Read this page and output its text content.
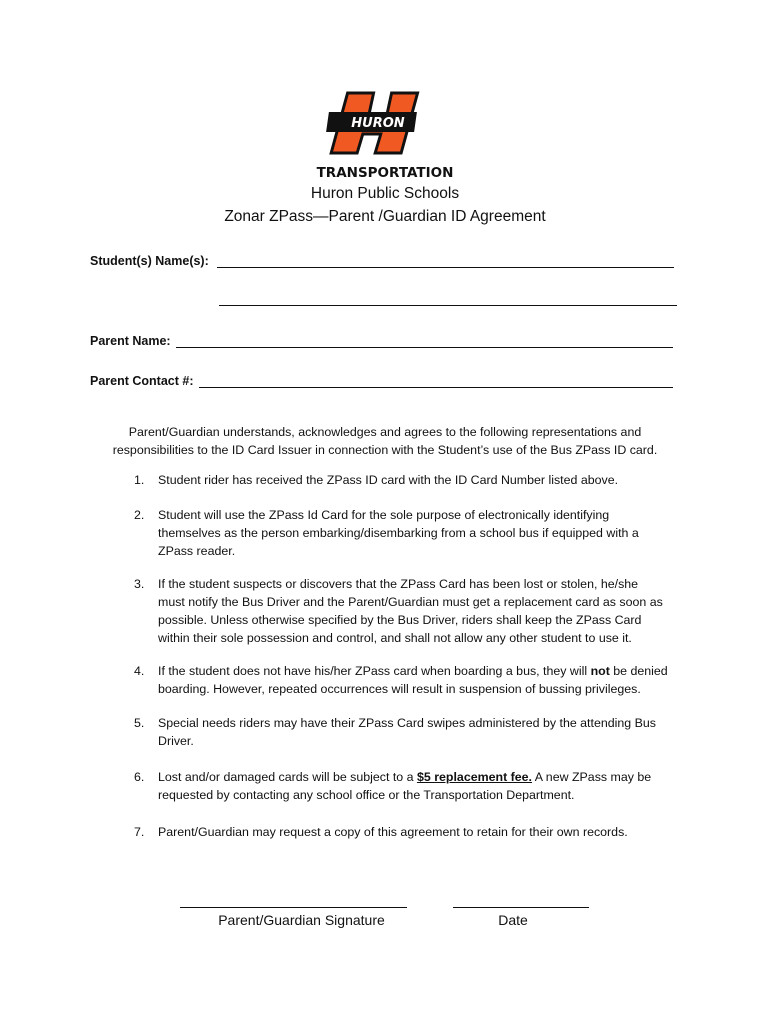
HURON
TRANSPORTATION
Huron Public Schools
Zonar ZPass—Parent /Guardian ID Agreement
Student(s) Name(s):
Parent Name:
Parent Contact #:
Parent/Guardian understands, acknowledges and agrees to the following representations and responsibilities to the ID Card Issuer in connection with the Student’s use of the Bus ZPass ID card.
1. Student rider has received the ZPass ID card with the ID Card Number listed above.
2. Student will use the ZPass Id Card for the sole purpose of electronically identifying themselves as the person embarking/disembarking from a school bus if equipped with a ZPass reader.
3. If the student suspects or discovers that the ZPass Card has been lost or stolen, he/she must notify the Bus Driver and the Parent/Guardian must get a replacement card as soon as possible. Unless otherwise specified by the Bus Driver, riders shall keep the ZPass Card within their sole possession and control, and shall not allow any other student to use it.
4. If the student does not have his/her ZPass card when boarding a bus, they will not be denied boarding. However, repeated occurrences will result in suspension of bussing privileges.
5. Special needs riders may have their ZPass Card swipes administered by the attending Bus Driver.
6. Lost and/or damaged cards will be subject to a $5 replacement fee. A new ZPass may be requested by contacting any school office or the Transportation Department.
7. Parent/Guardian may request a copy of this agreement to retain for their own records.
Parent/Guardian Signature	Date
